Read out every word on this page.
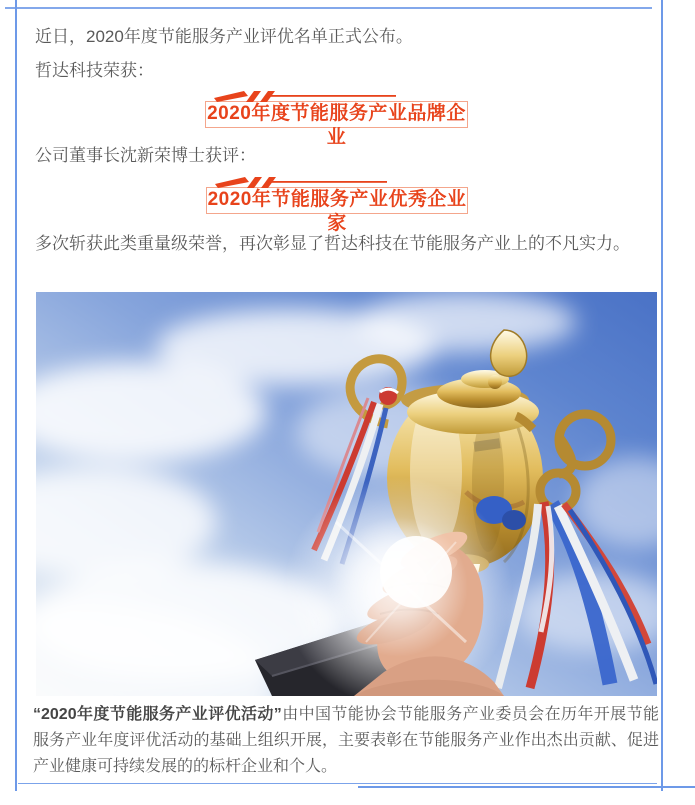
近日，2020年度节能服务产业评优名单正式公布。

哲达科技荣获：

2020年度节能服务产业品牌企业

公司董事长沈新荣博士获评：

2020年节能服务产业优秀企业家

多次斩获此类重量级荣誉，再次彰显了哲达科技在节能服务产业上的不凡实力。

“2020年度节能服务产业评优活动”由中国节能协会节能服务产业委员会在历年开展节能服务产业年度评优活动的基础上组织开展，主要表彰在节能服务产业作出杰出贡献、促进产业健康可持续发展的的标杆企业和个人。
